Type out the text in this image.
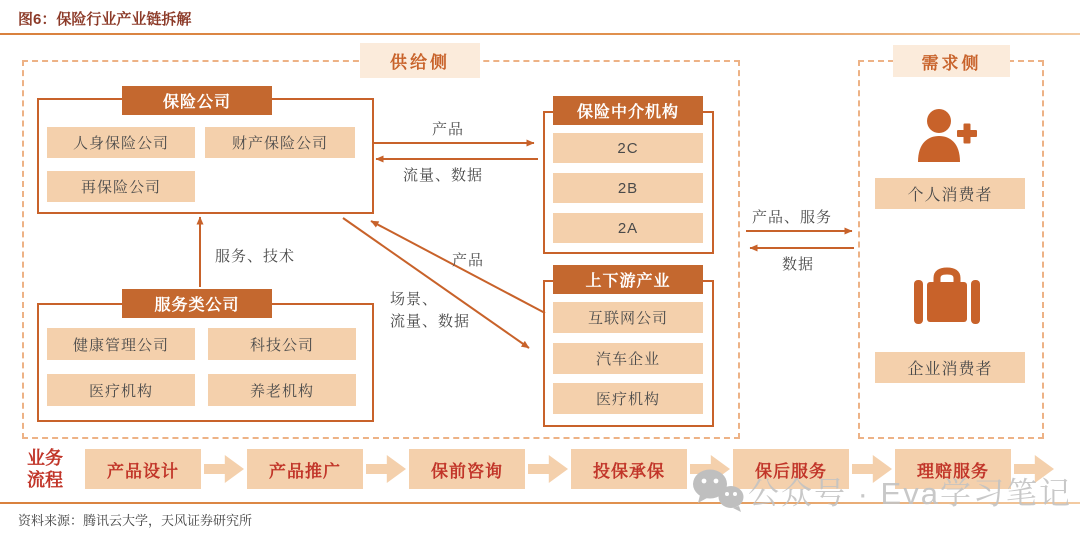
图6：保险行业产业链拆解
供给侧	需求侧
保险公司
人身保险公司	财产保险公司
再保险公司
保险中介机构
2C
2B
2A
上下游产业
互联网公司
汽车企业
医疗机构
服务类公司
健康管理公司	科技公司
医疗机构	养老机构
个人消费者
企业消费者
产品
流量、数据
服务、技术	产品
场景、
流量、数据
产品、服务
数据
业务
流程	产品设计	产品推广	保前咨询	投保承保	保后服务	理赔服务
公众号 · Eva学习笔记
资料来源：腾讯云大学，天风证券研究所
